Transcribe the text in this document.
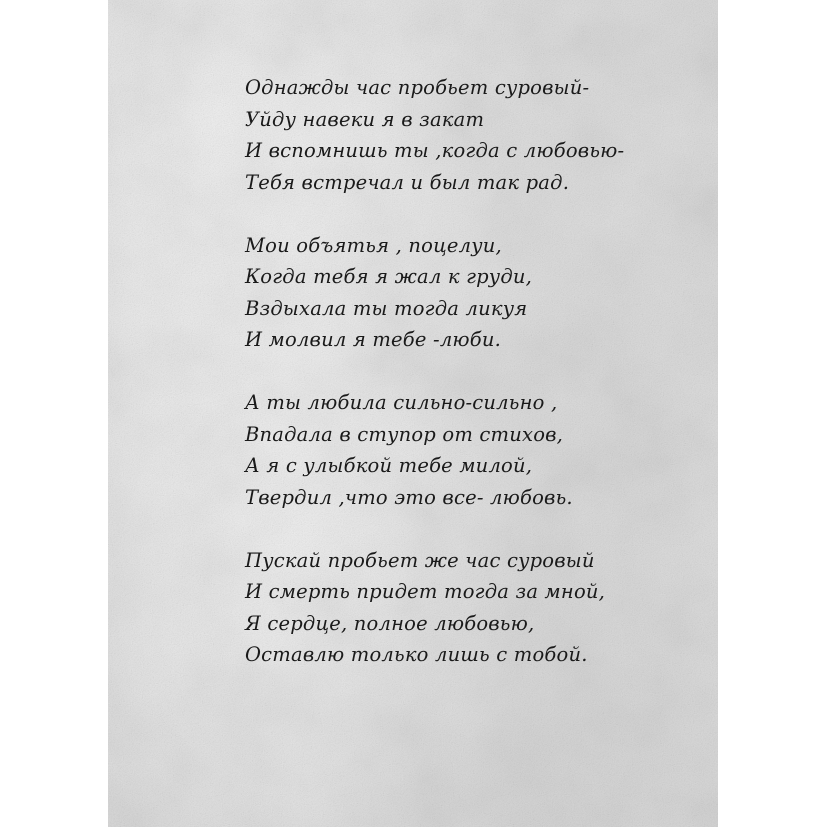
Однажды час пробьет суровый-
Уйду навеки я в закат
И вспомнишь ты ,когда с любовью-
Тебя встречал и был так рад.
Мои объятья , поцелуи,
Когда тебя я жал к груди,
Вздыхала ты тогда ликуя
И молвил я тебе -люби.
А ты любила сильно-сильно ,
Впадала в ступор от стихов,
А я с улыбкой тебе милой,
Твердил ,что это все- любовь.
Пускай пробьет же час суровый
И смерть придет тогда за мной,
Я сердце, полное любовью,
Оставлю только лишь с тобой.
